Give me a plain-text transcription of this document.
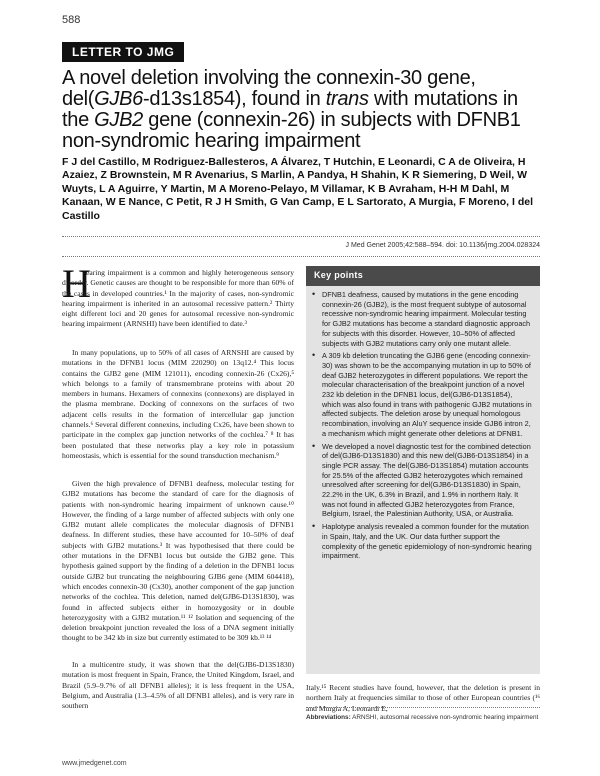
588
LETTER TO JMG
A novel deletion involving the connexin-30 gene, del(GJB6-d13s1854), found in trans with mutations in the GJB2 gene (connexin-26) in subjects with DFNB1 non-syndromic hearing impairment

F J del Castillo, M Rodriguez-Ballesteros, A Álvarez, T Hutchin, E Leonardi, C A de Oliveira, H Azaiez, Z Brownstein, M R Avenarius, S Marlin, A Pandya, H Shahin, K R Siemering, D Weil, W Wuyts, L A Aguirre, Y Martin, M A Moreno-Pelayo, M Villamar, K B Avraham, H-H M Dahl, M Kanaan, W E Nance, C Petit, R J H Smith, G Van Camp, E L Sartorato, A Murgia, F Moreno, I del Castillo

J Med Genet 2005;42:588–594. doi: 10.1136/jmg.2004.028324
H

earing impairment is a common and highly heterogeneous sensory disorder. Genetic causes are thought to be responsible for more than 60% of the cases in developed countries.¹ In the majority of cases, non-syndromic hearing impairment is inherited in an autosomal recessive pattern.² Thirty eight different loci and 20 genes for autosomal recessive non-syndromic hearing impairment (ARNSHI) have been identified to date.³

In many populations, up to 50% of all cases of ARNSHI are caused by mutations in the DFNB1 locus (MIM 220290) on 13q12.⁴ This locus contains the GJB2 gene (MIM 121011), encoding connexin-26 (Cx26),⁵ which belongs to a family of transmembrane proteins with about 20 members in humans. Hexamers of connexins (connexons) are displayed in the plasma membrane. Docking of connexons on the surfaces of two adjacent cells results in the formation of intercellular gap junction channels.⁶ Several different connexins, including Cx26, have been shown to participate in the complex gap junction networks of the cochlea.⁷ ⁸ It has been postulated that these networks play a key role in potassium homeostasis, which is essential for the sound transduction mechanism.⁹

Given the high prevalence of DFNB1 deafness, molecular testing for GJB2 mutations has become the standard of care for the diagnosis of patients with non-syndromic hearing impairment of unknown cause.¹⁰ However, the finding of a large number of affected subjects with only one GJB2 mutant allele complicates the molecular diagnosis of DFNB1 deafness. In different studies, these have accounted for 10–50% of deaf subjects with GJB2 mutations.³ It was hypothesised that there could be other mutations in the DFNB1 locus but outside the GJB2 gene. This hypothesis gained support by the finding of a deletion in the DFNB1 locus outside GJB2 but truncating the neighbouring GJB6 gene (MIM 604418), which encodes connexin-30 (Cx30), another component of the gap junction networks of the cochlea. This deletion, named del(GJB6-D13S1830), was found in affected subjects either in homozygosity or in double heterozygosity with a GJB2 mutation.¹¹ ¹² Isolation and sequencing of the deletion breakpoint junction revealed the loss of a DNA segment initially thought to be 342 kb in size but currently estimated to be 309 kb.¹³ ¹⁴

In a multicentre study, it was shown that the del(GJB6-D13S1830) mutation is most frequent in Spain, France, the United Kingdom, Israel, and Brazil (5.9–9.7% of all DFNB1 alleles); it is less frequent in the USA, Belgium, and Australia (1.3–4.5% of all DFNB1 alleles), and is very rare in southern

Key points
• DFNB1 deafness, caused by mutations in the gene encoding connexin-26 (GJB2), is the most frequent subtype of autosomal recessive non-syndromic hearing impairment. Molecular testing for GJB2 mutations has become a standard diagnostic approach for subjects with this disorder. However, 10–50% of affected subjects with GJB2 mutations carry only one mutant allele.
• A 309 kb deletion truncating the GJB6 gene (encoding connexin-30) was shown to be the accompanying mutation in up to 50% of deaf GJB2 heterozygotes in different populations. We report the molecular characterisation of the breakpoint junction of a novel 232 kb deletion in the DFNB1 locus, del(GJB6-D13S1854), which was also found in trans with pathogenic GJB2 mutations in affected subjects. The deletion arose by unequal homologous recombination, involving an AluY sequence inside GJB6 intron 2, a mechanism which might generate other deletions at DFNB1.
• We developed a novel diagnostic test for the combined detection of del(GJB6-D13S1830) and this new del(GJB6-D13S1854) in a single PCR assay. The del(GJB6-D13S1854) mutation accounts for 25.5% of the affected GJB2 heterozygotes which remained unresolved after screening for del(GJB6-D13S1830) in Spain, 22.2% in the UK, 6.3% in Brazil, and 1.9% in northern Italy. It was not found in affected GJB2 heterozygotes from France, Belgium, Israel, the Palestinian Authority, USA, or Australia.
• Haplotype analysis revealed a common founder for the mutation in Spain, Italy, and the UK. Our data further support the complexity of the genetic epidemiology of non-syndromic hearing impairment.

Italy.¹⁵ Recent studies have found, however, that the deletion is present in northern Italy at frequencies similar to those of other European countries (¹⁶ and Murgia A, Leonardi E,

Abbreviations: ARNSHI, autosomal recessive non-syndromic hearing impairment
www.jmedgenet.com
